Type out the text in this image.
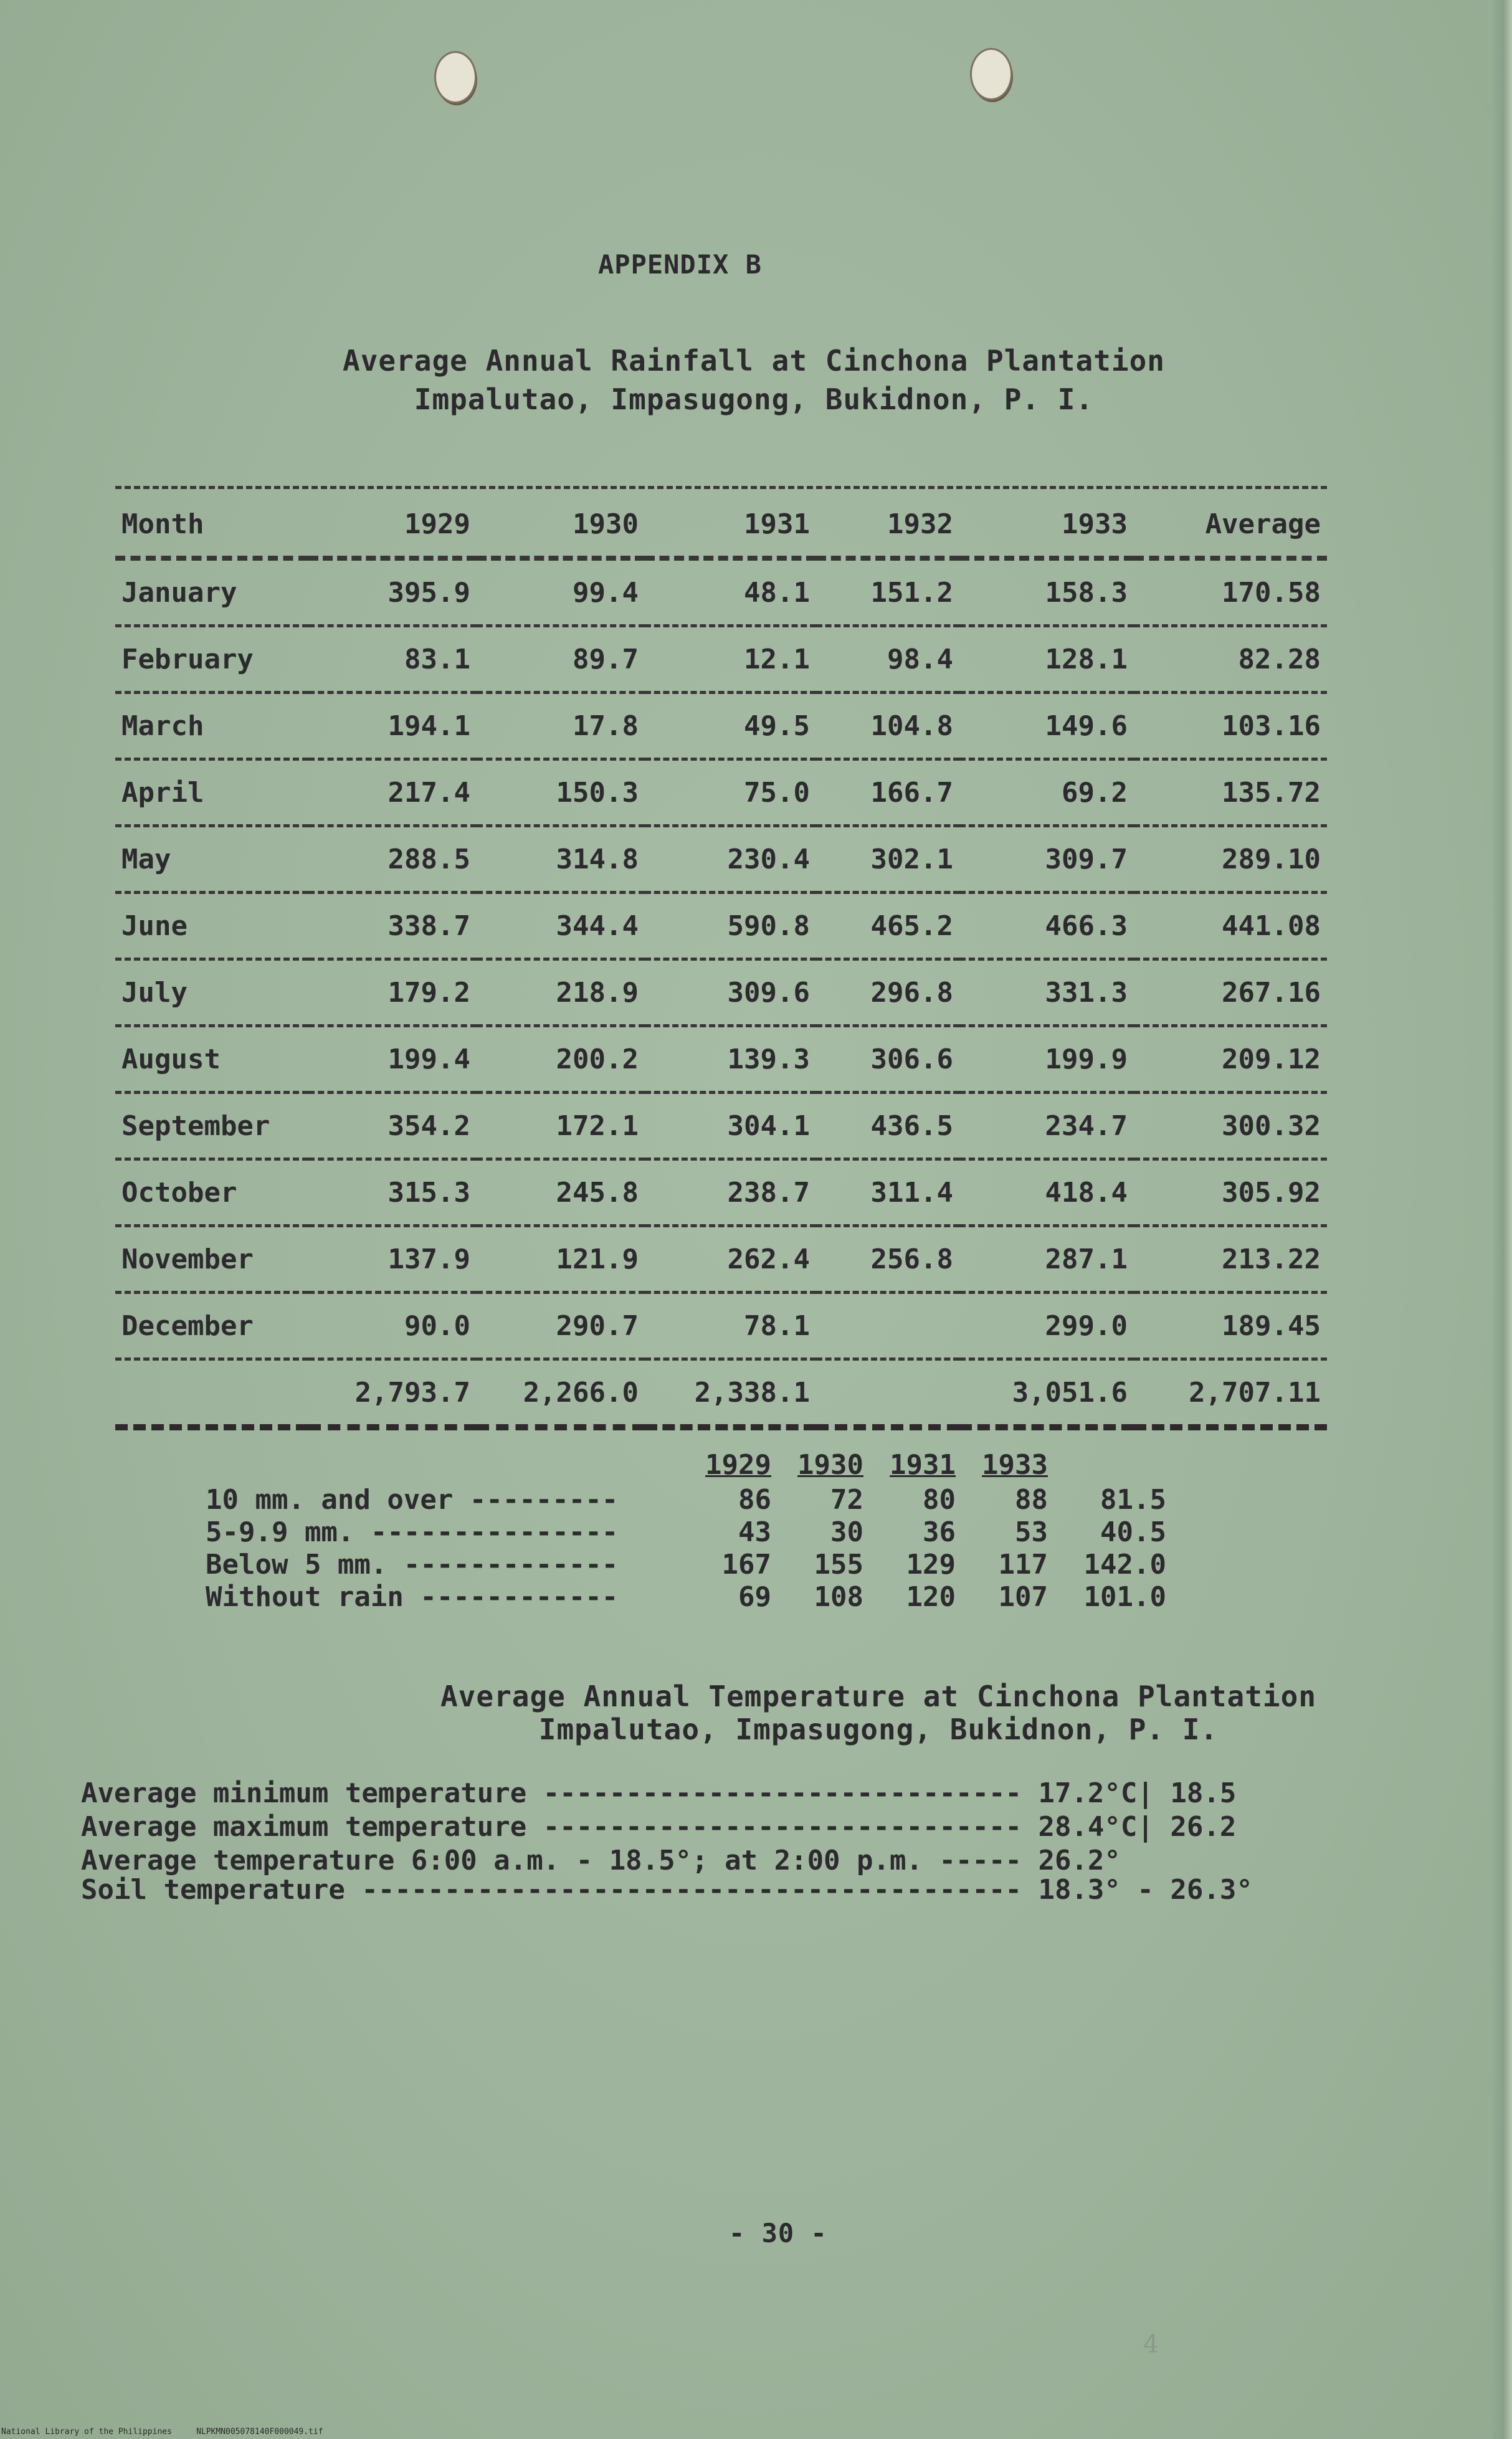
APPENDIX B
Average Annual Rainfall at Cinchona Plantation
Impalutao, Impasugong, Bukidnon, P. I.
Month	1929	1930	1931	1932	1933	Average
January	395.9	99.4	48.1	151.2	158.3	170.58
February	83.1	89.7	12.1	98.4	128.1	82.28
March	194.1	17.8	49.5	104.8	149.6	103.16
April	217.4	150.3	75.0	166.7	69.2	135.72
May	288.5	314.8	230.4	302.1	309.7	289.10
June	338.7	344.4	590.8	465.2	466.3	441.08
July	179.2	218.9	309.6	296.8	331.3	267.16
August	199.4	200.2	139.3	306.6	199.9	209.12
September	354.2	172.1	304.1	436.5	234.7	300.32
October	315.3	245.8	238.7	311.4	418.4	305.92
November	137.9	121.9	262.4	256.8	287.1	213.22
December	90.0	290.7	78.1		299.0	189.45
	2,793.7	2,266.0	2,338.1		3,051.6	2,707.11
	1929	1930	1931	1933	
10 mm. and over ---------	86	72	80	88	81.5
5-9.9 mm. ---------------	43	30	36	53	40.5
Below 5 mm. -------------	167	155	129	117	142.0
Without rain ------------	69	108	120	107	101.0
Average Annual Temperature at Cinchona Plantation
Impalutao, Impasugong, Bukidnon, P. I.
Average minimum temperature ----------------------------- 17.2°C| 18.5
Average maximum temperature ----------------------------- 28.4°C| 26.2
Average temperature 6:00 a.m. - 18.5°; at 2:00 p.m. ----- 26.2°
Soil temperature ---------------------------------------- 18.3° - 26.3°
- 30 -
4
National Library of the Philippines     NLPKMN005078140F000049.tif
